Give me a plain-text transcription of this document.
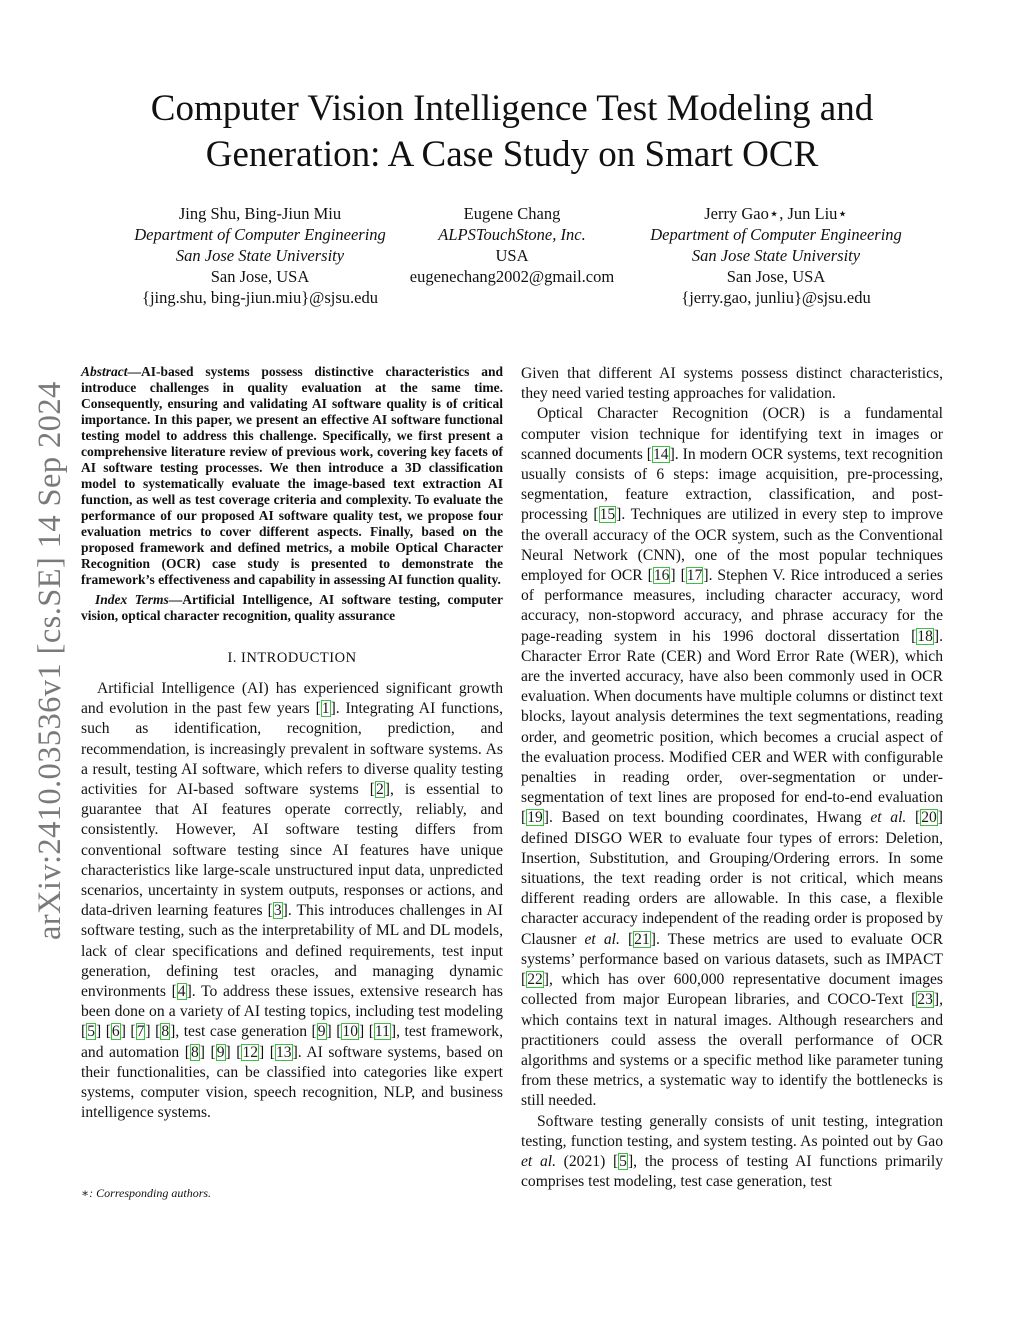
Computer Vision Intelligence Test Modeling and
Generation: A Case Study on Smart OCR
Jing Shu, Bing-Jiun Miu
Department of Computer Engineering
San Jose State University
San Jose, USA
{jing.shu, bing-jiun.miu}@sjsu.edu
Eugene Chang
ALPSTouchStone, Inc.
USA
eugenechang2002@gmail.com
Jerry Gao⋆, Jun Liu⋆
Department of Computer Engineering
San Jose State University
San Jose, USA
{jerry.gao, junliu}@sjsu.edu
arXiv:2410.03536v1 [cs.SE] 14 Sep 2024

Abstract—AI-based systems possess distinctive characteristics and introduce challenges in quality evaluation at the same time. Consequently, ensuring and validating AI software quality is of critical importance. In this paper, we present an effective AI software functional testing model to address this challenge. Specifically, we first present a comprehensive literature review of previous work, covering key facets of AI software testing processes. We then introduce a 3D classification model to systematically evaluate the image-based text extraction AI function, as well as test coverage criteria and complexity. To evaluate the performance of our proposed AI software quality test, we propose four evaluation metrics to cover different aspects. Finally, based on the proposed framework and defined metrics, a mobile Optical Character Recognition (OCR) case study is presented to demonstrate the framework’s effectiveness and capability in assessing AI function quality.

Index Terms—Artificial Intelligence, AI software testing, computer vision, optical character recognition, quality assurance

I. INTRODUCTION

Artificial Intelligence (AI) has experienced significant growth and evolution in the past few years [1]. Integrating AI functions, such as identification, recognition, prediction, and recommendation, is increasingly prevalent in software systems. As a result, testing AI software, which refers to diverse quality testing activities for AI-based software systems [2], is essential to guarantee that AI features operate correctly, reliably, and consistently. However, AI software testing differs from conventional software testing since AI features have unique characteristics like large-scale unstructured input data, unpredicted scenarios, uncertainty in system outputs, responses or actions, and data-driven learning features [3]. This introduces challenges in AI software testing, such as the interpretability of ML and DL models, lack of clear specifications and defined requirements, test input generation, defining test oracles, and managing dynamic environments [4]. To address these issues, extensive research has been done on a variety of AI testing topics, including test modeling [5] [6] [7] [8], test case generation [9] [10] [11], test framework, and automation [8] [9] [12] [13]. AI software systems, based on their functionalities, can be classified into categories like expert systems, computer vision, speech recognition, NLP, and business intelligence systems.

Given that different AI systems possess distinct characteristics, they need varied testing approaches for validation.

Optical Character Recognition (OCR) is a fundamental computer vision technique for identifying text in images or scanned documents [14]. In modern OCR systems, text recognition usually consists of 6 steps: image acquisition, pre-processing, segmentation, feature extraction, classification, and post-processing [15]. Techniques are utilized in every step to improve the overall accuracy of the OCR system, such as the Conventional Neural Network (CNN), one of the most popular techniques employed for OCR [16] [17]. Stephen V. Rice introduced a series of performance measures, including character accuracy, word accuracy, non-stopword accuracy, and phrase accuracy for the page-reading system in his 1996 doctoral dissertation [18]. Character Error Rate (CER) and Word Error Rate (WER), which are the inverted accuracy, have also been commonly used in OCR evaluation. When documents have multiple columns or distinct text blocks, layout analysis determines the text segmentations, reading order, and geometric position, which becomes a crucial aspect of the evaluation process. Modified CER and WER with configurable penalties in reading order, over-segmentation or under-segmentation of text lines are proposed for end-to-end evaluation [19]. Based on text bounding coordinates, Hwang et al. [20] defined DISGO WER to evaluate four types of errors: Deletion, Insertion, Substitution, and Grouping/Ordering errors. In some situations, the text reading order is not critical, which means different reading orders are allowable. In this case, a flexible character accuracy independent of the reading order is proposed by Clausner et al. [21]. These metrics are used to evaluate OCR systems’ performance based on various datasets, such as IMPACT [22], which has over 600,000 representative document images collected from major European libraries, and COCO-Text [23], which contains text in natural images. Although researchers and practitioners could assess the overall performance of OCR algorithms and systems or a specific method like parameter tuning from these metrics, a systematic way to identify the bottlenecks is still needed.

Software testing generally consists of unit testing, integration testing, function testing, and system testing. As pointed out by Gao et al. (2021) [5], the process of testing AI functions primarily comprises test modeling, test case generation, test

∗: Corresponding authors.
